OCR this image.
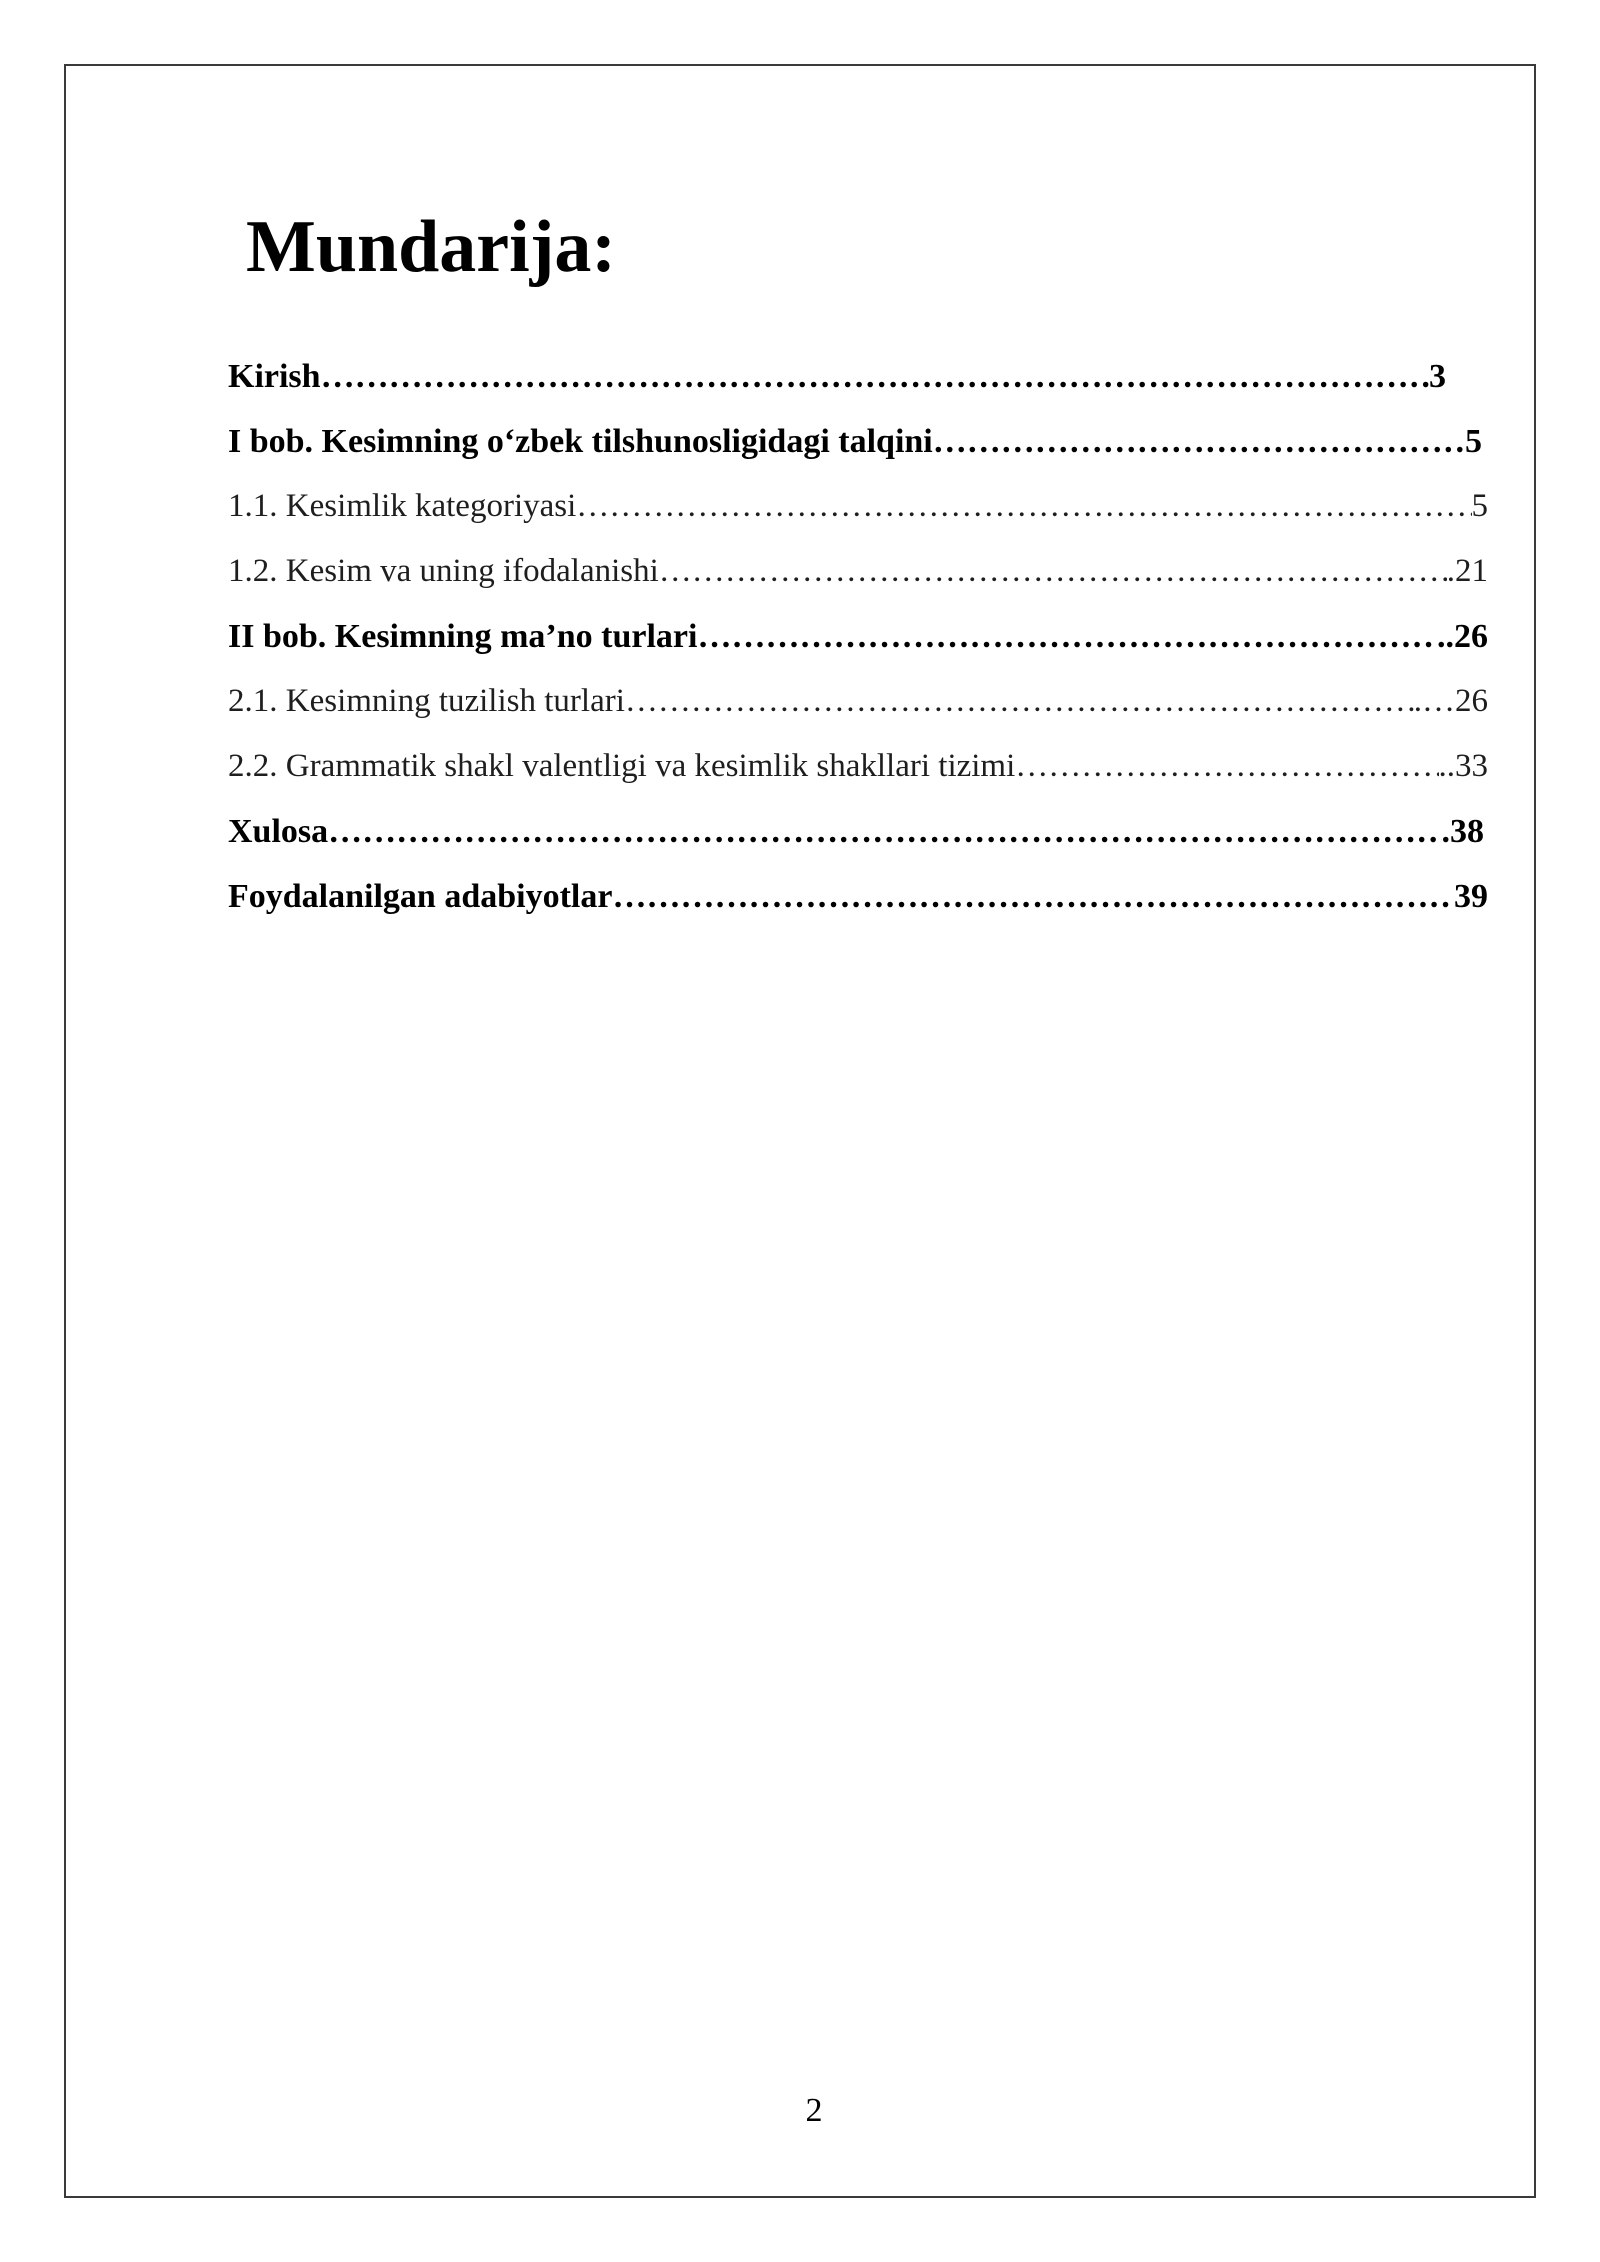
Mundarija:
Kirish ……………………………………………………………………………………………………………………………………………………………………………………………………	3
I bob. Kesimning o‘zbek tilshunosligidagi talqini ……………………………………………………………………………………………………………………………………………………………………………………………………	5
1.1. Kesimlik kategoriyasi ……………………………………………………………………………………………………………………………………………………………………………………………………	5
1.2. Kesim va uning ifodalanishi ……………………………………………………………………………………………………………………………………………………………………………………………………	.21
II bob. Kesimning ma’no turlari ……………………………………………………………………………………………………………………………………………………………………………………………………	..26
2.1. Kesimning tuzilish turlari ……………………………………………………………………………………………………………………………………………………………………………………………………	.…26
2.2. Grammatik shakl valentligi va kesimlik shakllari tizimi ……………………………………………………………………………………………………………………………………………………………………………………………………	..33
Xulosa ……………………………………………………………………………………………………………………………………………………………………………………………………	.38
Foydalanilgan adabiyotlar ……………………………………………………………………………………………………………………………………………………………………………………………………	39
2
